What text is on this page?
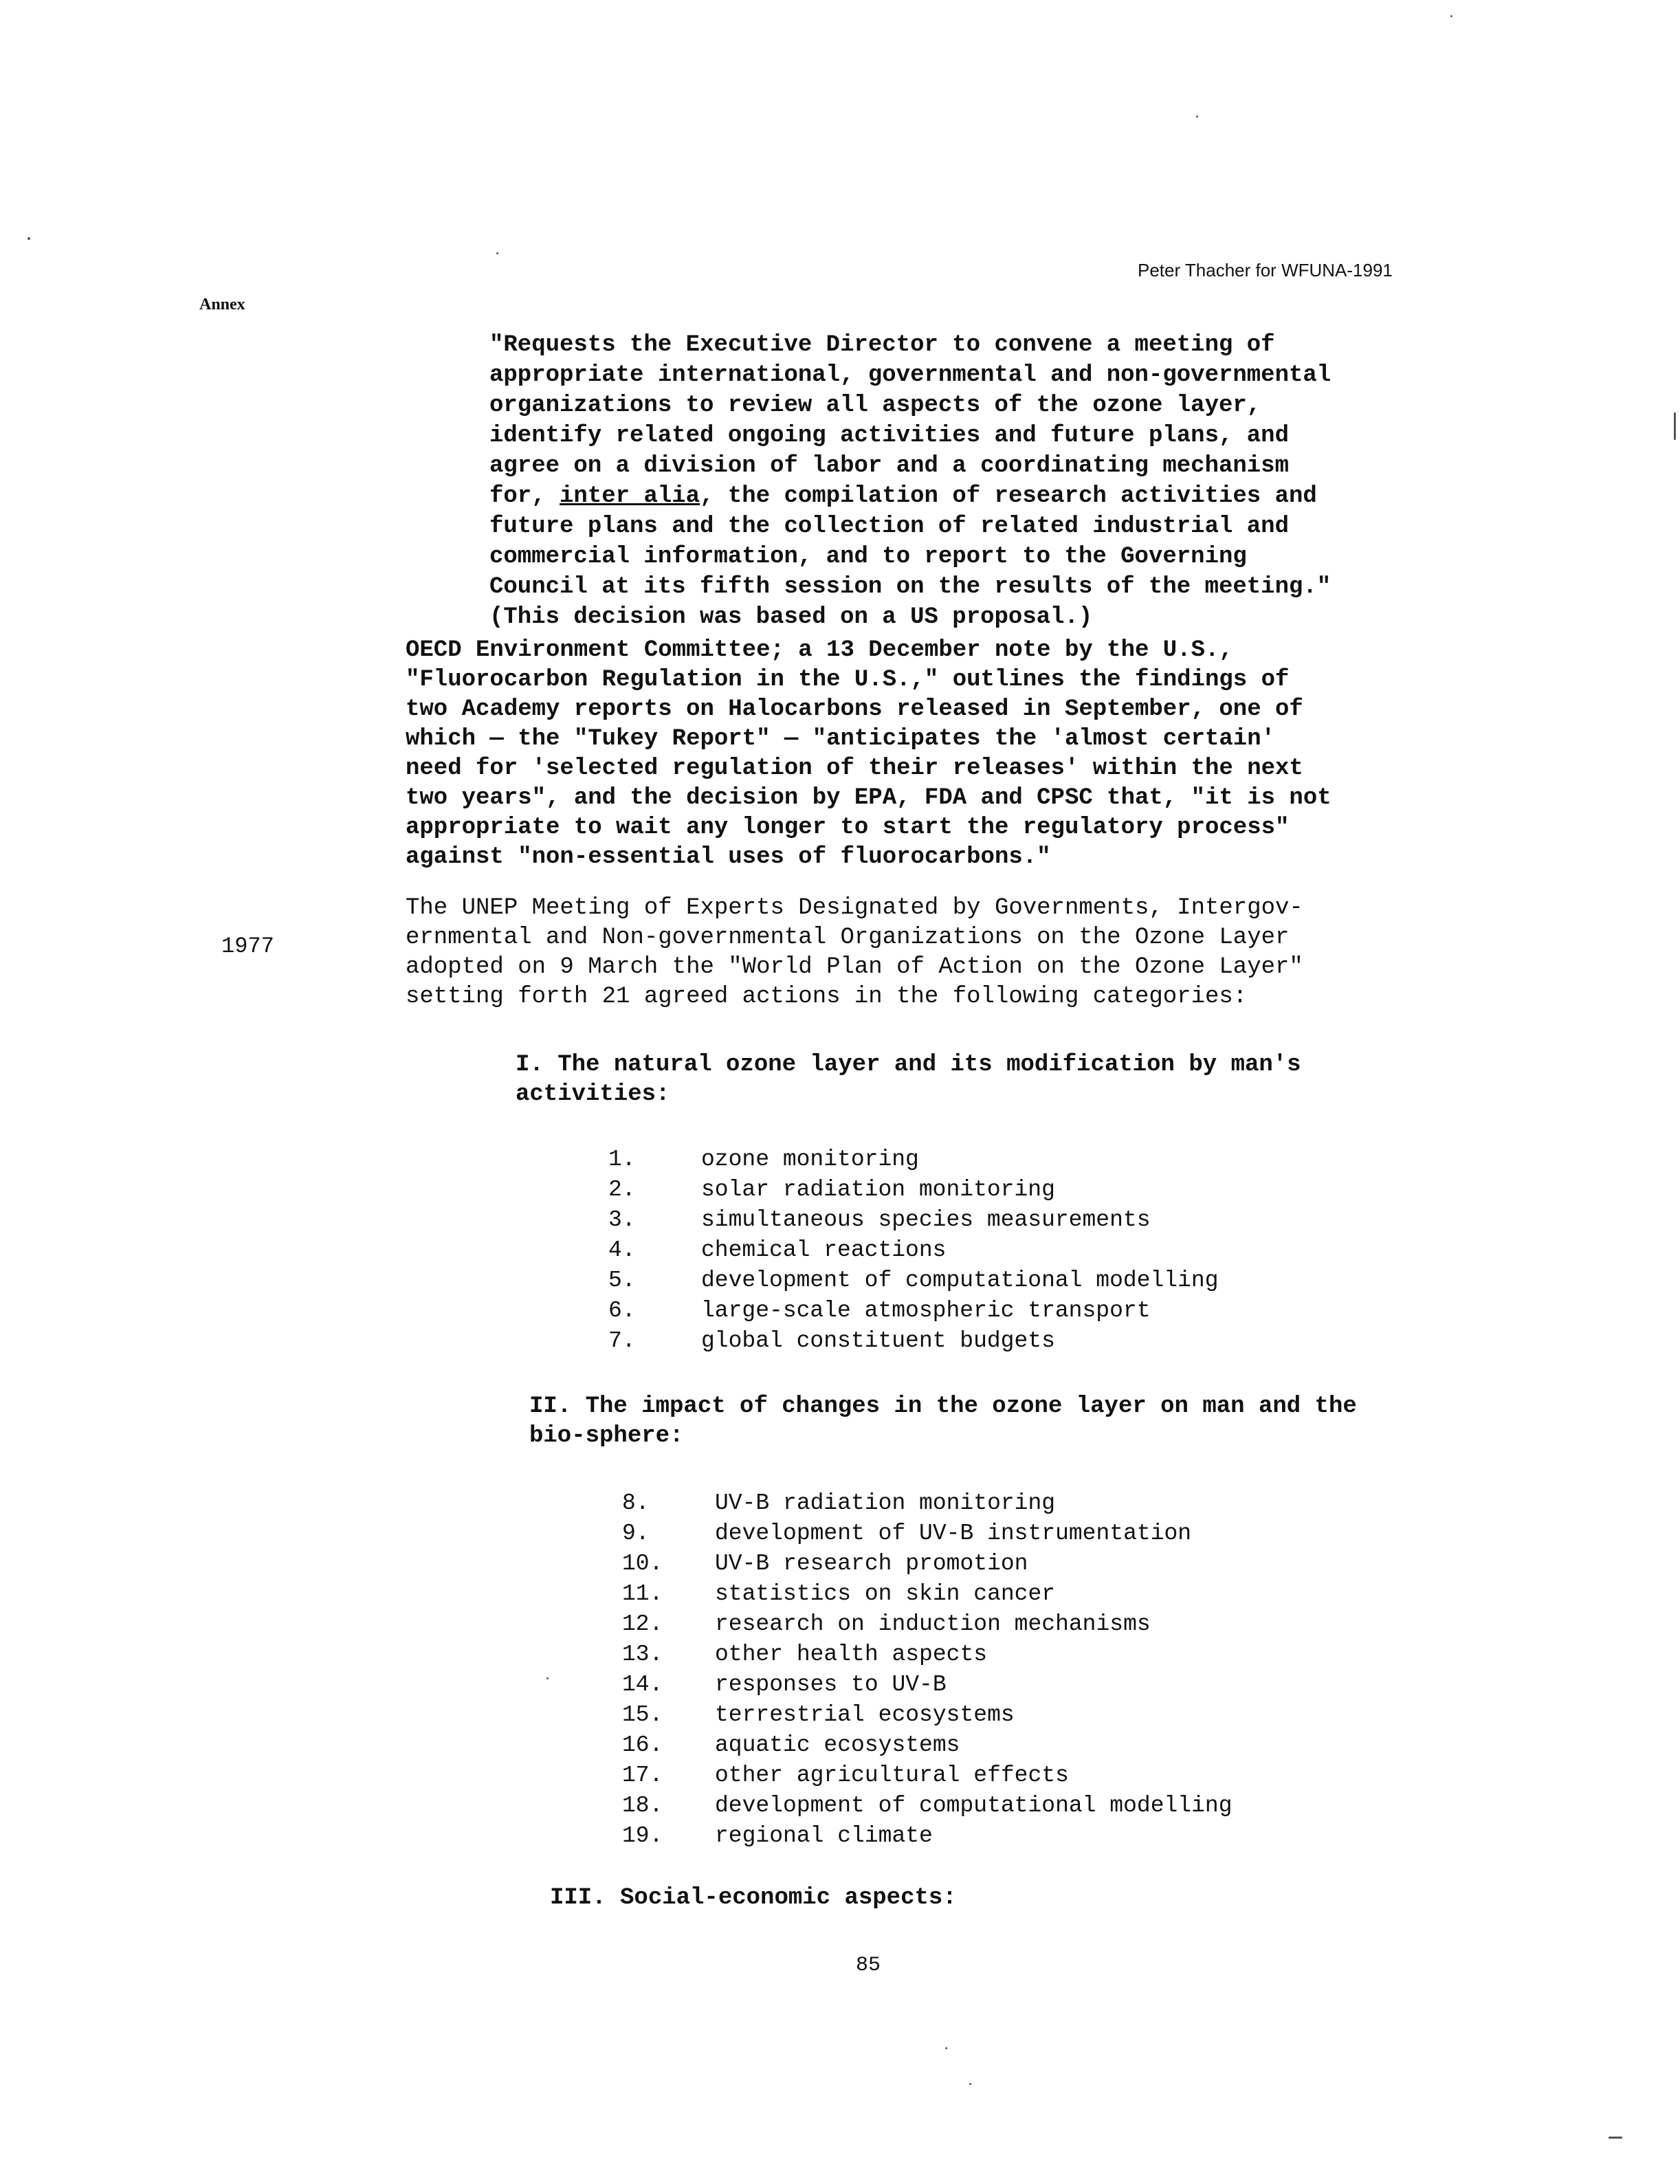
Peter Thacher for WFUNA-1991
Annex
"Requests the Executive Director to convene a meeting of
appropriate international, governmental and non-governmental
organizations to review all aspects of the ozone layer,
identify related ongoing activities and future plans, and
agree on a division of labor and a coordinating mechanism
for, inter alia, the compilation of research activities and
future plans and the collection of related industrial and
commercial information, and to report to the Governing
Council at its fifth session on the results of the meeting."
(This decision was based on a US proposal.)
OECD Environment Committee; a 13 December note by the U.S.,
"Fluorocarbon Regulation in the U.S.," outlines the findings of
two Academy reports on Halocarbons released in September, one of
which — the "Tukey Report" — "anticipates the 'almost certain'
need for 'selected regulation of their releases' within the next
two years", and the decision by EPA, FDA and CPSC that, "it is not
appropriate to wait any longer to start the regulatory process"
against "non-essential uses of fluorocarbons."
1977
The UNEP Meeting of Experts Designated by Governments, Intergov-
ernmental and Non-governmental Organizations on the Ozone Layer
adopted on 9 March the "World Plan of Action on the Ozone Layer"
setting forth 21 agreed actions in the following categories:
I. The natural ozone layer and its modification by man's
activities:
1.	ozone monitoring
2.	solar radiation monitoring
3.	simultaneous species measurements
4.	chemical reactions
5.	development of computational modelling
6.	large-scale atmospheric transport
7.	global constituent budgets
II. The impact of changes in the ozone layer on man and the
bio-sphere:
8.	UV-B radiation monitoring
9.	development of UV-B instrumentation
10.	UV-B research promotion
11.	statistics on skin cancer
12.	research on induction mechanisms
13.	other health aspects
14.	responses to UV-B
15.	terrestrial ecosystems
16.	aquatic ecosystems
17.	other agricultural effects
18.	development of computational modelling
19.	regional climate
III. Social-economic aspects:
85
